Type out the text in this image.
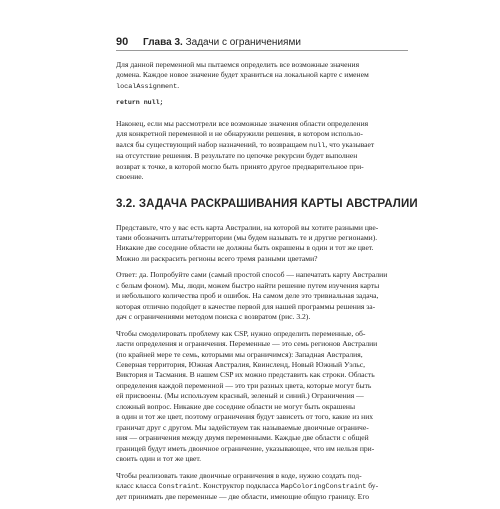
90 Глава 3. Задачи с ограничениями

Для данной переменной мы пытаемся определить все возможные значения
домена. Каждое новое значение будет храниться на локальной карте с именем
localAssignment.

return null;

Наконец, если мы рассмотрели все возможные значения области определения
для конкретной переменной и не обнаружили решения, в котором использо-
вался бы существующий набор назначений, то возвращаем null, что указывает
на отсутствие решения. В результате по цепочке рекурсии будет выполнен
возврат к точке, в которой могло быть принято другое предварительное при-
своение.

3.2. ЗАДАЧА РАСКРАШИВАНИЯ КАРТЫ АВСТРАЛИИ

Представьте, что у вас есть карта Австралии, на которой вы хотите разными цве-
тами обозначить штаты/территории (мы будем называть те и другие регионами).
Никакие две соседние области не должны быть окрашены в один и тот же цвет.
Можно ли раскрасить регионы всего тремя разными цветами?

Ответ: да. Попробуйте сами (самый простой способ — напечатать карту Австралии
с белым фоном). Мы, люди, можем быстро найти решение путем изучения карты
и небольшого количества проб и ошибок. На самом деле это тривиальная задача,
которая отлично подойдет в качестве первой для нашей программы решения за-
дач с ограничениями методом поиска с возвратом (рис. 3.2).

Чтобы смоделировать проблему как CSP, нужно определить переменные, об-
ласти определения и ограничения. Переменные — это семь регионов Австралии
(по крайней мере те семь, которыми мы ограничимся): Западная Австралия,
Северная территория, Южная Австралия, Квинсленд, Новый Южный Уэльс,
Виктория и Тасмания. В нашем CSP их можно представить как строки. Область
определения каждой переменной — это три разных цвета, которые могут быть
ей присвоены. (Мы используем красный, зеленый и синий.) Ограничения —
сложный вопрос. Никакие две соседние области не могут быть окрашены
в один и тот же цвет, поэтому ограничения будут зависеть от того, какие из них
граничат друг с другом. Мы задействуем так называемые двоичные ограниче-
ния — ограничения между двумя переменными. Каждые две области с общей
границей будут иметь двоичное ограничение, указывающее, что им нельзя при-
своить один и тот же цвет.

Чтобы реализовать такие двоичные ограничения в коде, нужно создать под-
класс класса Constraint. Конструктор подкласса MapColoringConstraint бу-
дет принимать две переменные — две области, имеющие общую границу. Его
